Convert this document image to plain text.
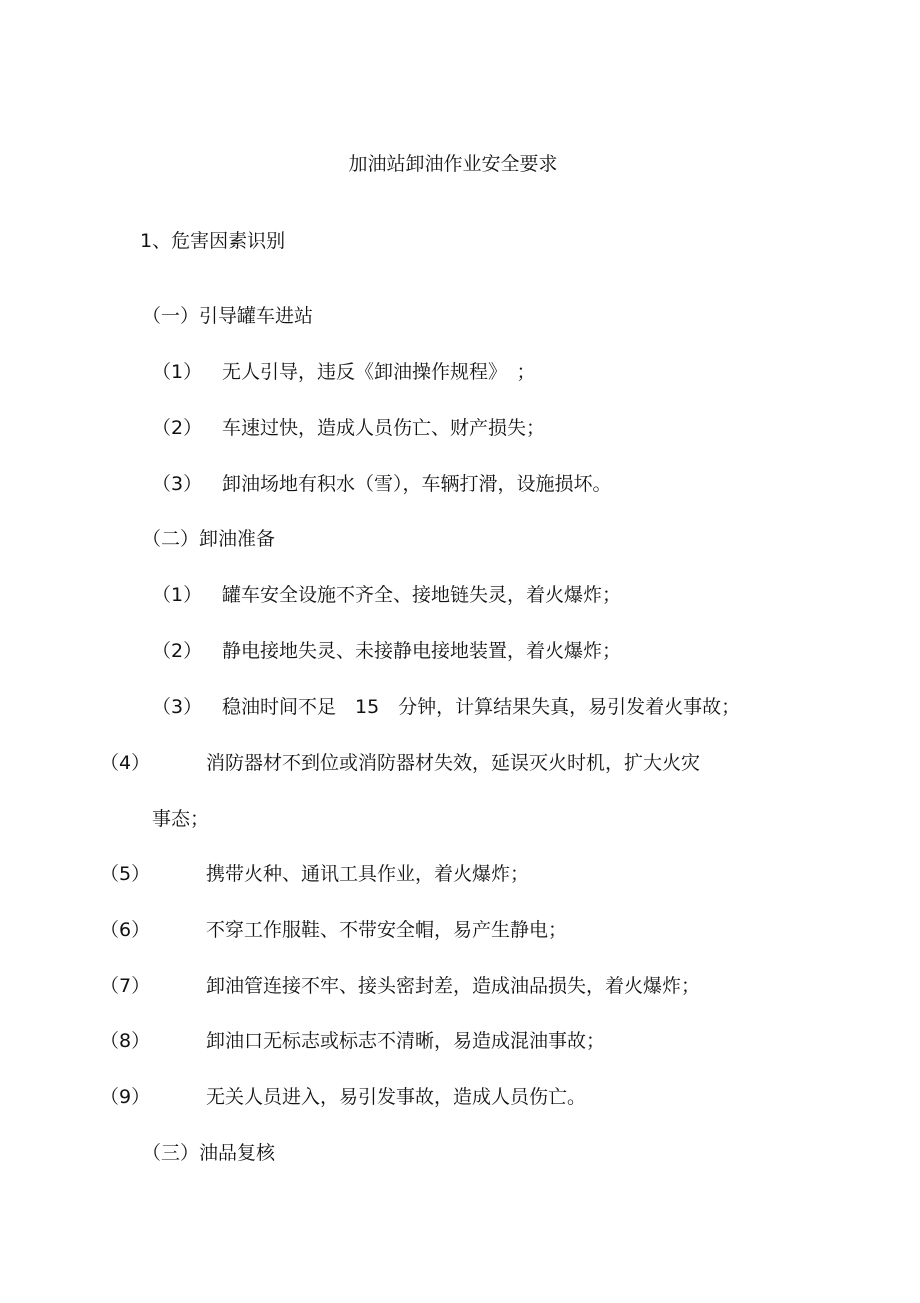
加油站卸油作业安全要求

1、危害因素识别

（一）引导罐车进站

（1） 无人引导，违反《卸油操作规程》　；

（2） 车速过快，造成人员伤亡、财产损失；

（3） 卸油场地有积水（雪），车辆打滑，设施损坏。

（二）卸油准备

（1） 罐车安全设施不齐全、接地链失灵，着火爆炸；

（2） 静电接地失灵、未接静电接地装置，着火爆炸；

（3） 稳油时间不足　15　分钟，计算结果失真，易引发着火事故；

（4）	消防器材不到位或消防器材失效，延误灭火时机，扩大火灾

事态；

（5）	携带火种、通讯工具作业，着火爆炸；

（6）	不穿工作服鞋、不带安全帽，易产生静电；

（7）	卸油管连接不牢、接头密封差，造成油品损失，着火爆炸；

（8）	卸油口无标志或标志不清晰，易造成混油事故；

（9）	无关人员进入，易引发事故，造成人员伤亡。

（三）油品复核
